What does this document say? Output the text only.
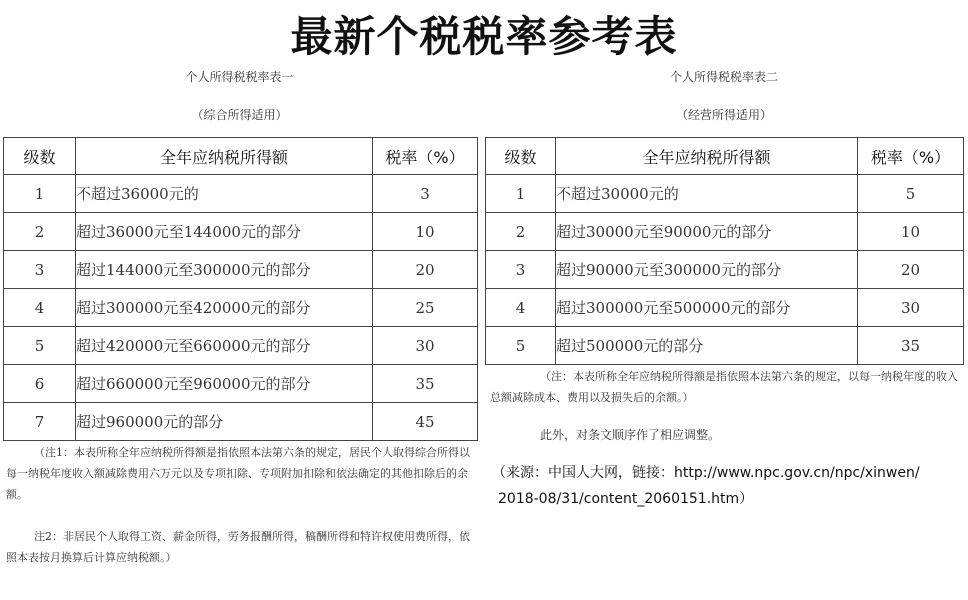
最新个税税率参考表
个人所得税税率表一
（综合所得适用）
个人所得税税率表二
（经营所得适用）
级数	全年应纳税所得额	税率（%）
1	不超过36000元的	3
2	超过36000元至144000元的部分	10
3	超过144000元至300000元的部分	20
4	超过300000元至420000元的部分	25
5	超过420000元至660000元的部分	30
6	超过660000元至960000元的部分	35
7	超过960000元的部分	45
级数	全年应纳税所得额	税率（%）
1	不超过30000元的	5
2	超过30000元至90000元的部分	10
3	超过90000元至300000元的部分	20
4	超过300000元至500000元的部分	30
5	超过500000元的部分	35
（注1：本表所称全年应纳税所得额是指依照本法第六条的规定，居民个人取得综合所得以每一纳税年度收入额减除费用六万元以及专项扣除、专项附加扣除和依法确定的其他扣除后的余额。
注2：非居民个人取得工资、薪金所得，劳务报酬所得，稿酬所得和特许权使用费所得，依照本表按月换算后计算应纳税额。）
（注：本表所称全年应纳税所得额是指依照本法第六条的规定，以每一纳税年度的收入总额减除成本、费用以及损失后的余额。）
此外，对条文顺序作了相应调整。
（来源：中国人大网，链接：http://www.npc.gov.cn/npc/xinwen/
2018-08/31/content_2060151.htm）
